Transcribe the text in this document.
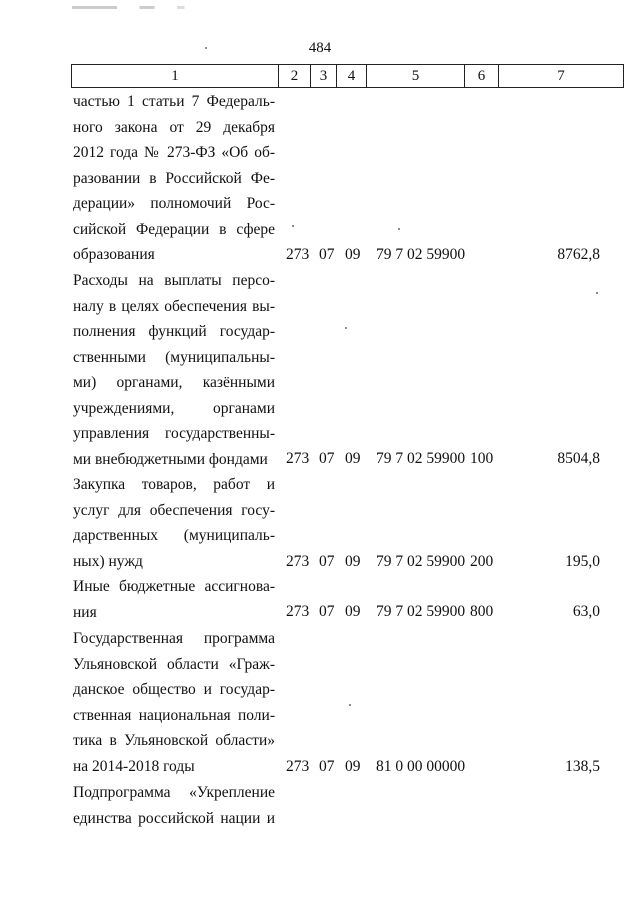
484
1	2	3	4	5	6	7
частью 1 статьи 7 Федераль-
ного закона от 29 декабря
2012 года № 273-ФЗ «Об об-
разовании в Российской Фе-
дерации» полномочий Рос-
сийской Федерации в сфере
образования	273 07 09 79 7 02 59900	8762,8
Расходы на выплаты персо-
налу в целях обеспечения вы-
полнения функций государ-
ственными (муниципальны-
ми) органами, казёнными
учреждениями, органами
управления государственны-
ми внебюджетными фондами	273 07 09 79 7 02 59900 100	8504,8
Закупка товаров, работ и
услуг для обеспечения госу-
дарственных (муниципаль-
ных) нужд	273 07 09 79 7 02 59900 200	195,0
Иные бюджетные ассигнова-
ния	273 07 09 79 7 02 59900 800	63,0
Государственная программа
Ульяновской области «Граж-
данское общество и государ-
ственная национальная поли-
тика в Ульяновской области»
на 2014-2018 годы	273 07 09 81 0 00 00000	138,5
Подпрограмма «Укрепление
единства российской нации и
